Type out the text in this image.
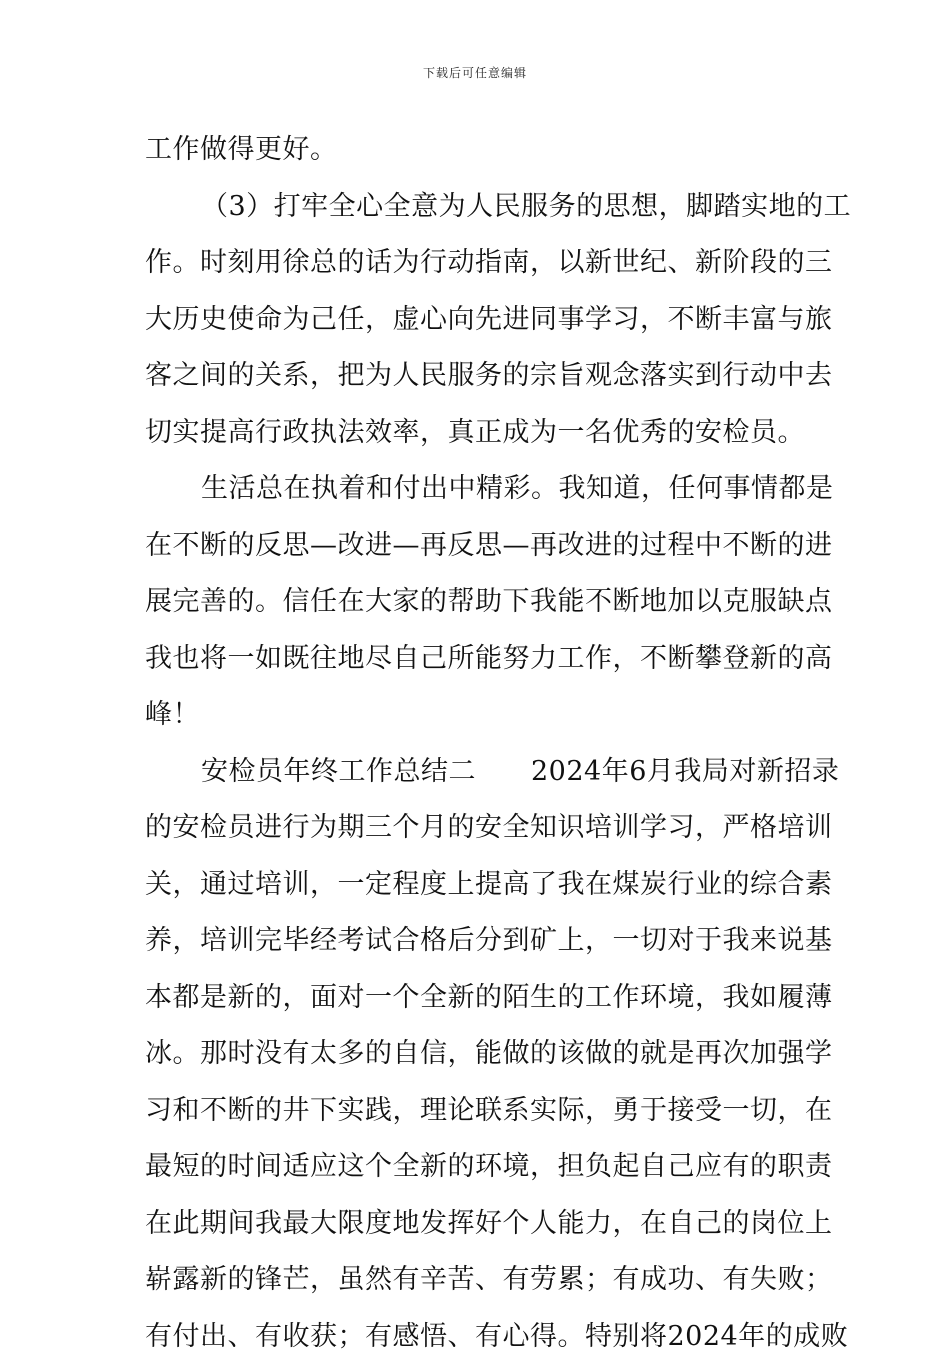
下载后可任意编辑
工作做得更好。
（3）打牢全心全意为人民服务的思想，脚踏实地的工
作。时刻用徐总的话为行动指南，以新世纪、新阶段的三
大历史使命为己任，虚心向先进同事学习，不断丰富与旅
客之间的关系，把为人民服务的宗旨观念落实到行动中去
切实提高行政执法效率，真正成为一名优秀的安检员。
生活总在执着和付出中精彩。我知道，任何事情都是
在不断的反思—改进—再反思—再改进的过程中不断的进
展完善的。信任在大家的帮助下我能不断地加以克服缺点
我也将一如既往地尽自己所能努力工作，不断攀登新的高
峰！
安检员年终工作总结二　　2024年6月我局对新招录
的安检员进行为期三个月的安全知识培训学习，严格培训
关，通过培训，一定程度上提高了我在煤炭行业的综合素
养，培训完毕经考试合格后分到矿上，一切对于我来说基
本都是新的，面对一个全新的陌生的工作环境，我如履薄
冰。那时没有太多的自信，能做的该做的就是再次加强学
习和不断的井下实践，理论联系实际，勇于接受一切，在
最短的时间适应这个全新的环境，担负起自己应有的职责
在此期间我最大限度地发挥好个人能力，在自己的岗位上
崭露新的锋芒，虽然有辛苦、有劳累；有成功、有失败；
有付出、有收获；有感悟、有心得。特别将2024年的成败
